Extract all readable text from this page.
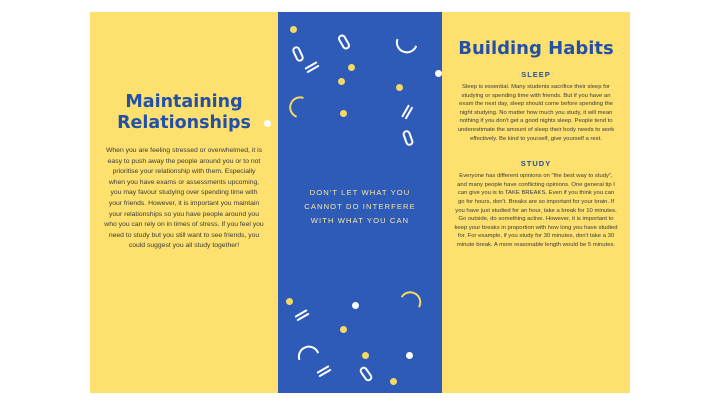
Maintaining
Relationships

When you are feeling stressed or overwhelmed, it is easy to push away the people around you or to not prioritise your relationship with them. Especially when you have exams or assessments upcoming, you may favour studying over spending time with your friends. However, it is important you maintain your relationships so you have people around you who you can rely on in times of stress. If you feel you need to study but you still want to see friends, you could suggest you all study together!

DON'T LET WHAT YOU
CANNOT DO INTERFERE
WITH WHAT YOU CAN

Building Habits
SLEEP

Sleep is essential. Many students sacrifice their sleep for studying or spending time with friends. But if you have an exam the next day, sleep should come before spending the night studying. No matter how much you study, it will mean nothing if you don't get a good nights sleep. People tend to underestimate the amount of sleep their body needs to work effectively. Be kind to yourself, give yourself a rest.

STUDY

Everyone has different opinions on "the best way to study", and many people have conflicting opinions. One general tip I can give you is to TAKE BREAKS. Even if you think you can go for hours, don't. Breaks are so important for your brain. If you have just studied for an hour, take a break for 10 minutes. Go outside, do something active. However, it is important to keep your breaks in proportion with how long you have studied for. For example, if you study for 30 minutes, don't take a 30 minute break. A more reasonable length would be 5 minutes.
